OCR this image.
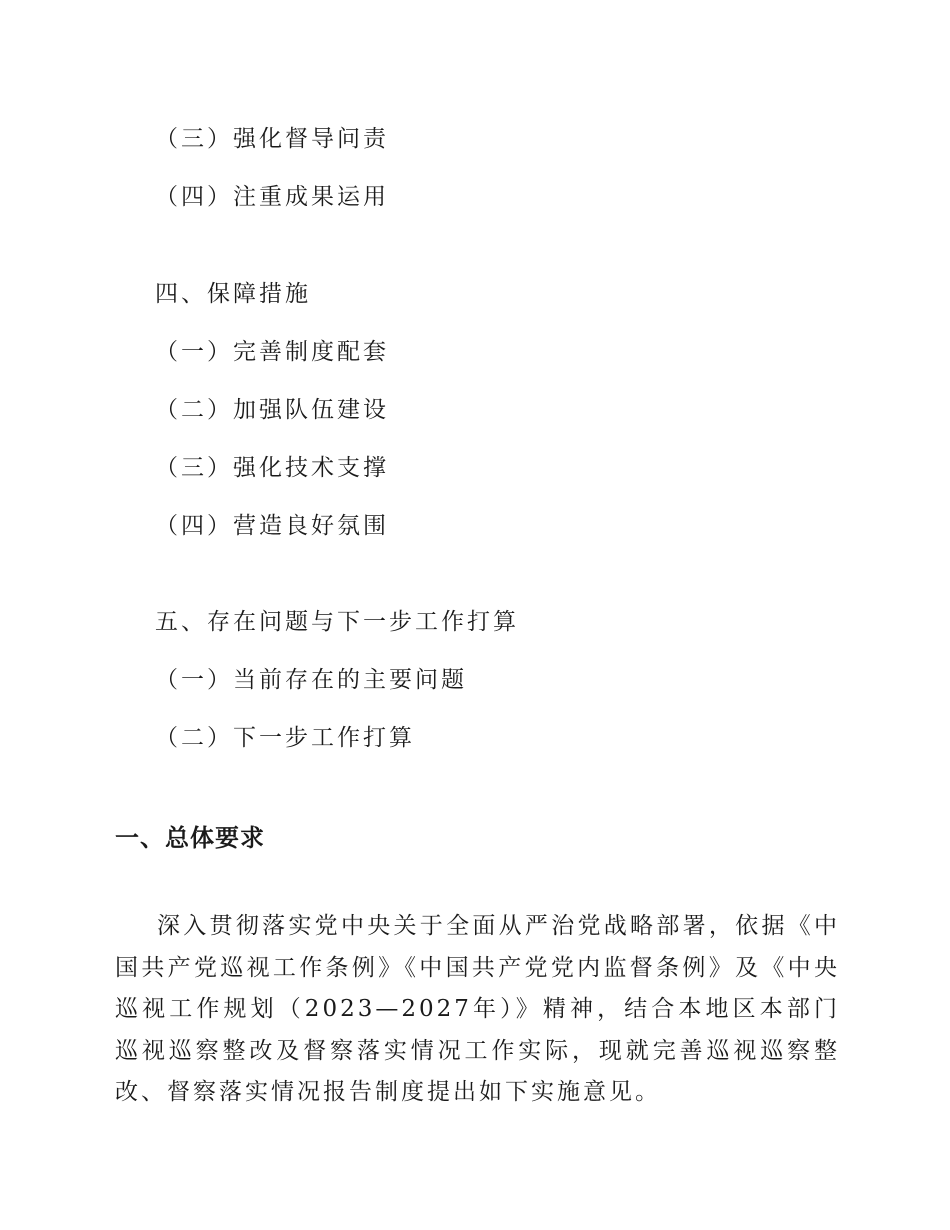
（三）强化督导问责
（四）注重成果运用
四、保障措施
（一）完善制度配套
（二）加强队伍建设
（三）强化技术支撑
（四）营造良好氛围
五、存在问题与下一步工作打算
（一）当前存在的主要问题
（二）下一步工作打算
一、总体要求

深入贯彻落实党中央关于全面从严治党战略部署，依据《中国共产党巡视工作条例》《中国共产党党内监督条例》及《中央巡视工作规划（2023—2027年）》精神，结合本地区本部门巡视巡察整改及督察落实情况工作实际，现就完善巡视巡察整改、督察落实情况报告制度提出如下实施意见。
